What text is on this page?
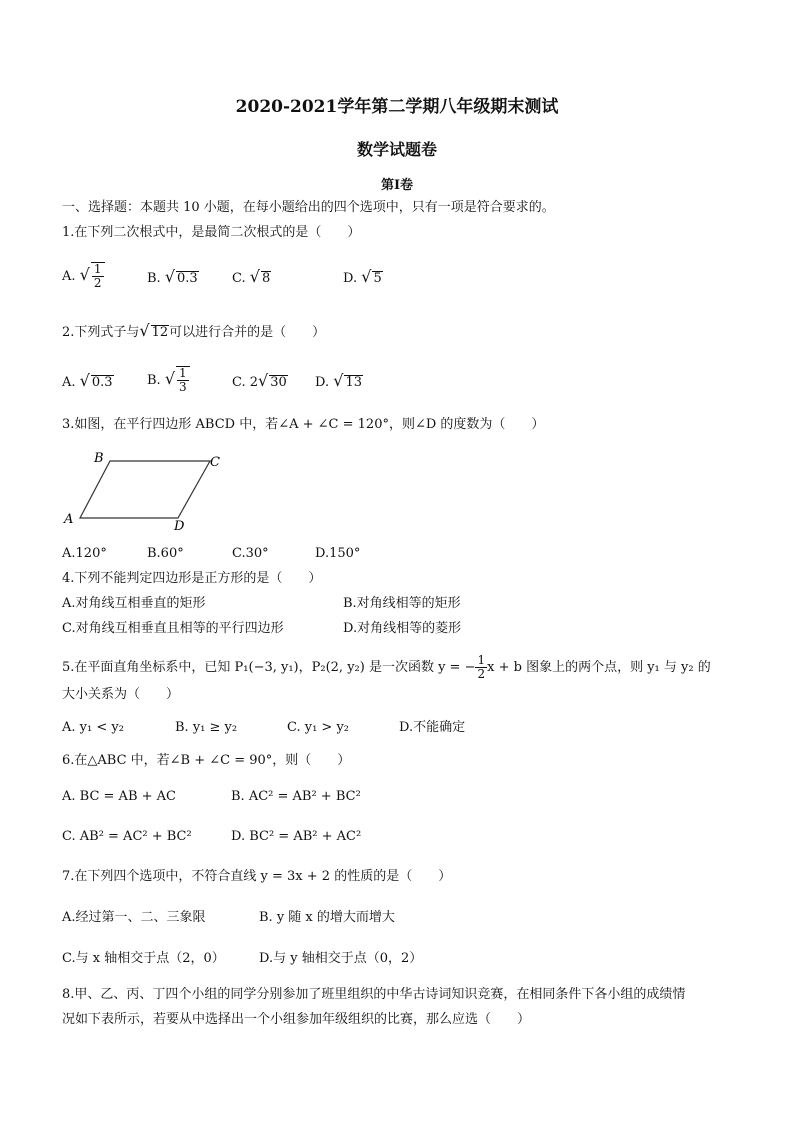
2020-2021学年第二学期八年级期末测试
数学试题卷
第I卷
一、选择题：本题共 10 小题，在每小题给出的四个选项中，只有一项是符合要求的。
1.在下列二次根式中，是最简二次根式的是（　　）
A. √ $\frac{1}{2}$	B. √ 0.3	C. √ 8	D. √ 5
2.下列式子与√ 12可以进行合并的是（　　）
A. √ 0.3	B. √ $\frac{1}{3}$	C. 2√ 30 D. √ 13
3.如图，在平行四边形 ABCD 中，若∠A + ∠C = 120°，则∠D 的度数为（　　）
A
B	C
D
A.120°	B.60°	C.30°	D.150°
4.下列不能判定四边形是正方形的是（　　）
A.对角线互相垂直的矩形	B.对角线相等的矩形
C.对角线互相垂直且相等的平行四边形	D.对角线相等的菱形
5.在平面直角坐标系中，已知 P₁(−3, y₁)，P₂(2, y₂) 是一次函数 y = − $\frac{1}{2}$ x + b 图象上的两个点，则 y₁ 与 y₂ 的
大小关系为（　　）
A. y₁ < y₂	B. y₁ ≥ y₂	C. y₁ > y₂	D.不能确定
6.在△ABC 中，若∠B + ∠C = 90°，则（　　）
A. BC = AB + AC	B. AC² = AB² + BC²
C. AB² = AC² + BC²	D. BC² = AB² + AC²
7.在下列四个选项中，不符合直线 y = 3x + 2 的性质的是（　　）
A.经过第一、二、三象限	B. y 随 x 的增大而增大
C.与 x 轴相交于点（2，0）	D.与 y 轴相交于点（0，2）
8.甲、乙、丙、丁四个小组的同学分别参加了班里组织的中华古诗词知识竞赛，在相同条件下各小组的成绩情
况如下表所示，若要从中选择出一个小组参加年级组织的比赛，那么应选（　　）
